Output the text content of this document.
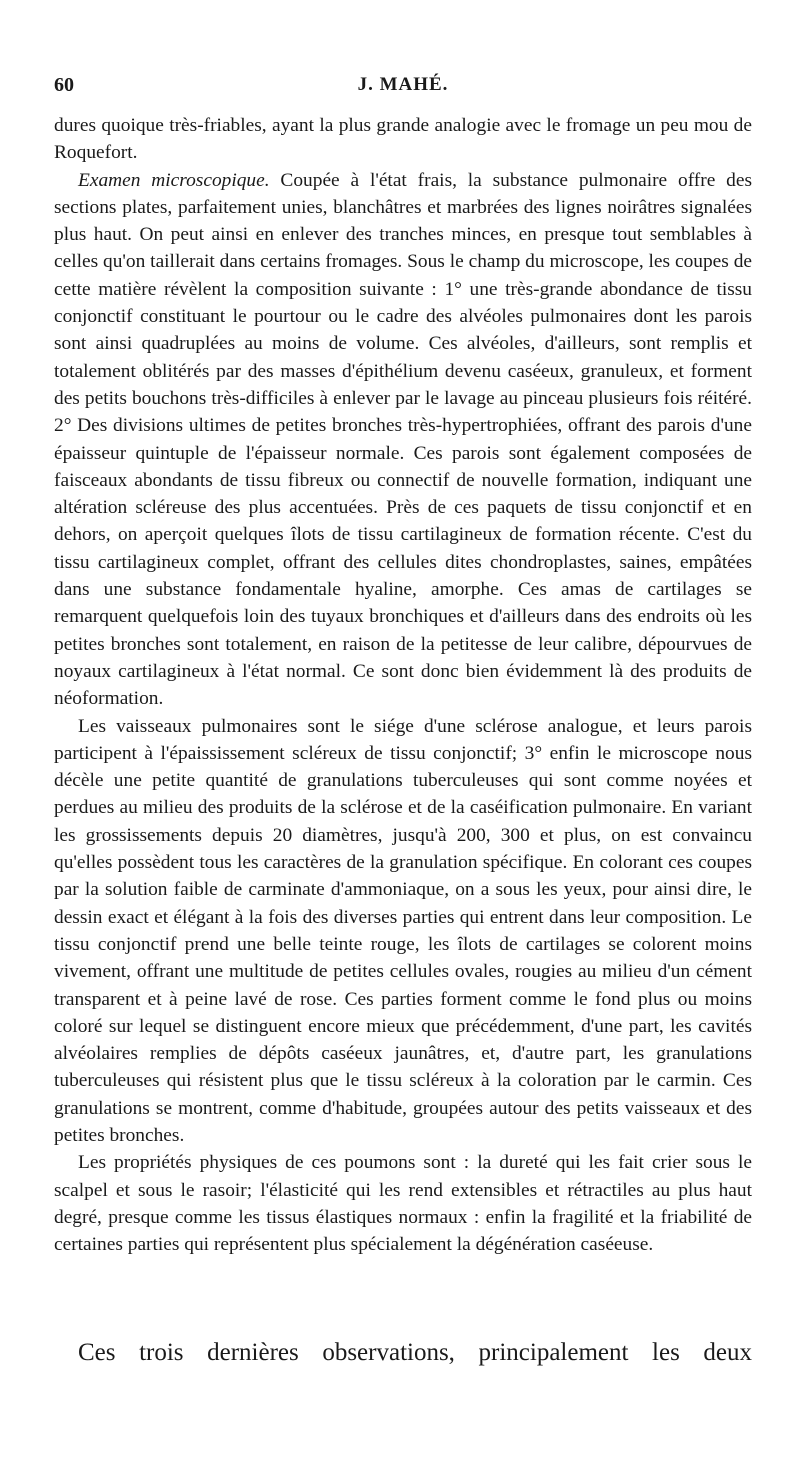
60	J. MAHÉ.

dures quoique très-friables, ayant la plus grande analogie avec le fromage un peu mou de Roquefort.

Examen microscopique. Coupée à l'état frais, la substance pulmonaire offre des sections plates, parfaitement unies, blanchâtres et marbrées des lignes noirâtres signalées plus haut. On peut ainsi en enlever des tranches minces, en presque tout semblables à celles qu'on taillerait dans certains fromages. Sous le champ du microscope, les coupes de cette matière révèlent la composition suivante : 1° une très-grande abondance de tissu conjonctif constituant le pourtour ou le cadre des alvéoles pulmonaires dont les parois sont ainsi quadruplées au moins de volume. Ces alvéoles, d'ailleurs, sont remplis et totalement oblitérés par des masses d'épithélium devenu caséeux, granuleux, et forment des petits bouchons très-difficiles à enlever par le lavage au pinceau plusieurs fois réitéré. 2° Des divisions ultimes de petites bronches très-hypertrophiées, offrant des parois d'une épaisseur quintuple de l'épaisseur normale. Ces parois sont également composées de faisceaux abondants de tissu fibreux ou connectif de nouvelle formation, indiquant une altération scléreuse des plus accentuées. Près de ces paquets de tissu conjonctif et en dehors, on aperçoit quelques îlots de tissu cartilagineux de formation récente. C'est du tissu cartilagineux complet, offrant des cellules dites chondroplastes, saines, empâtées dans une substance fondamentale hyaline, amorphe. Ces amas de cartilages se remarquent quelquefois loin des tuyaux bronchiques et d'ailleurs dans des endroits où les petites bronches sont totalement, en raison de la petitesse de leur calibre, dépourvues de noyaux cartilagineux à l'état normal. Ce sont donc bien évidemment là des produits de néoformation.

Les vaisseaux pulmonaires sont le siége d'une sclérose analogue, et leurs parois participent à l'épaississement scléreux de tissu conjonctif; 3° enfin le microscope nous décèle une petite quantité de granulations tuberculeuses qui sont comme noyées et perdues au milieu des produits de la sclérose et de la caséification pulmonaire. En variant les grossissements depuis 20 diamètres, jusqu'à 200, 300 et plus, on est convaincu qu'elles possèdent tous les caractères de la granulation spécifique. En colorant ces coupes par la solution faible de carminate d'ammoniaque, on a sous les yeux, pour ainsi dire, le dessin exact et élégant à la fois des diverses parties qui entrent dans leur composition. Le tissu conjonctif prend une belle teinte rouge, les îlots de cartilages se colorent moins vivement, offrant une multitude de petites cellules ovales, rougies au milieu d'un cément transparent et à peine lavé de rose. Ces parties forment comme le fond plus ou moins coloré sur lequel se distinguent encore mieux que précédemment, d'une part, les cavités alvéolaires remplies de dépôts caséeux jaunâtres, et, d'autre part, les granulations tuberculeuses qui résistent plus que le tissu scléreux à la coloration par le carmin. Ces granulations se montrent, comme d'habitude, groupées autour des petits vaisseaux et des petites bronches.

Les propriétés physiques de ces poumons sont : la dureté qui les fait crier sous le scalpel et sous le rasoir; l'élasticité qui les rend extensibles et rétractiles au plus haut degré, presque comme les tissus élastiques normaux : enfin la fragilité et la friabilité de certaines parties qui représentent plus spécialement la dégénération caséeuse.

Ces trois dernières observations, principalement les deux
